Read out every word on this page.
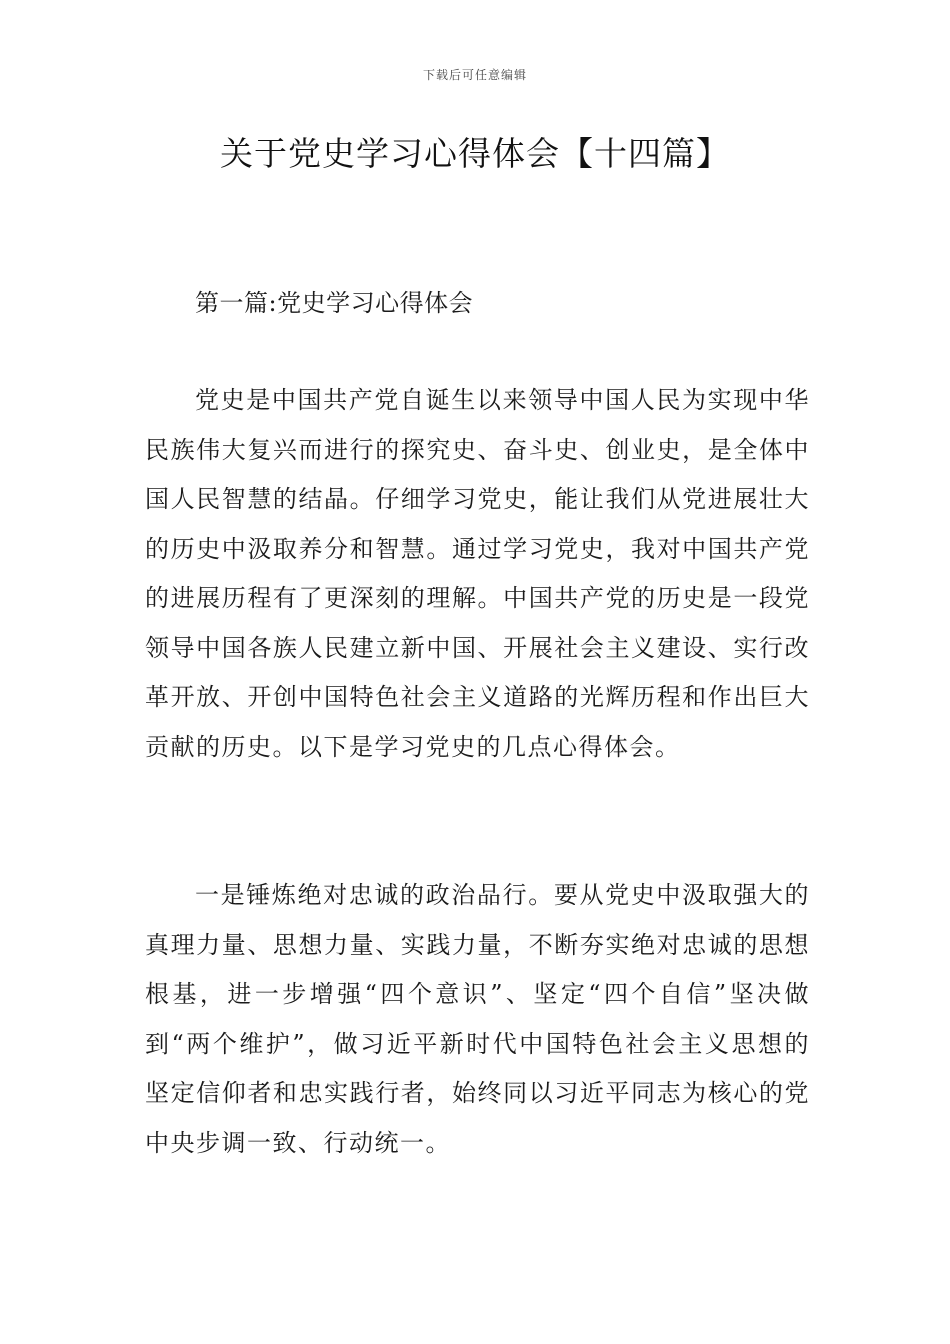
下载后可任意编辑
关于党史学习心得体会【十四篇】
第一篇:党史学习心得体会

党史是中国共产党自诞生以来领导中国人民为实现中华民族伟大复兴而进行的探究史、奋斗史、创业史，是全体中国人民智慧的结晶。仔细学习党史，能让我们从党进展壮大的历史中汲取养分和智慧。通过学习党史，我对中国共产党的进展历程有了更深刻的理解。中国共产党的历史是一段党领导中国各族人民建立新中国、开展社会主义建设、实行改革开放、开创中国特色社会主义道路的光辉历程和作出巨大贡献的历史。以下是学习党史的几点心得体会。

一是锤炼绝对忠诚的政治品行。要从党史中汲取强大的真理力量、思想力量、实践力量，不断夯实绝对忠诚的思想根基，进一步增强“四个意识”、坚定“四个自信”坚决做到“两个维护”，做习近平新时代中国特色社会主义思想的坚定信仰者和忠实践行者，始终同以习近平同志为核心的党中央步调一致、行动统一。
